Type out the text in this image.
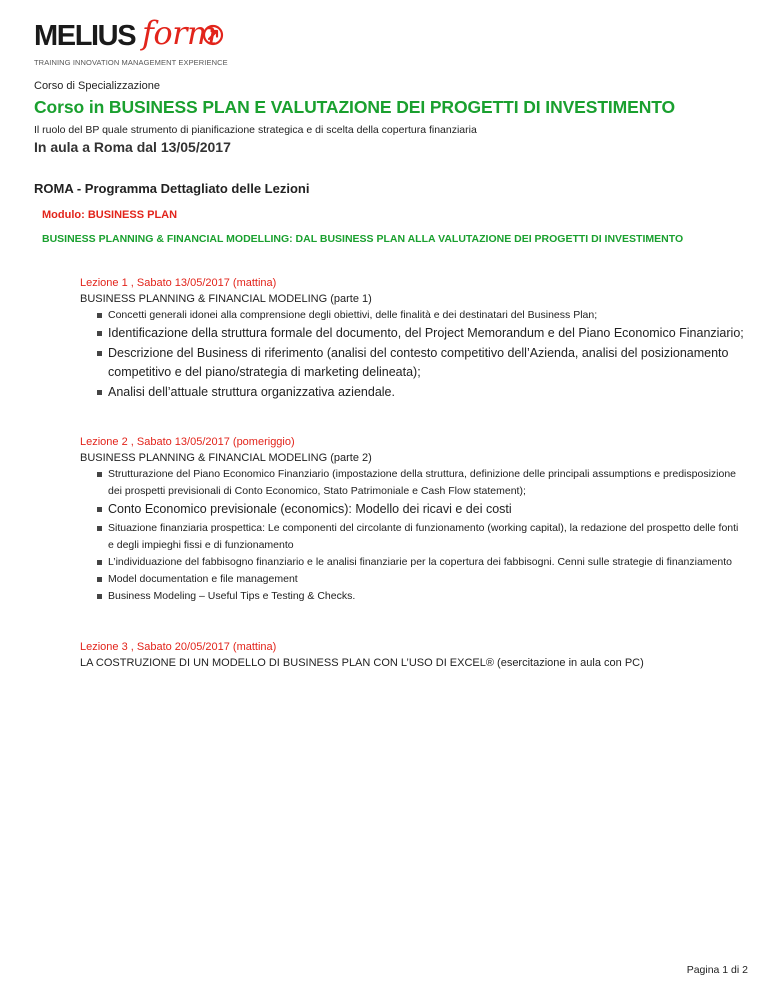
MELIUS form
TRAINING INNOVATION MANAGEMENT EXPERIENCE
Corso di Specializzazione
Corso in BUSINESS PLAN E VALUTAZIONE DEI PROGETTI DI INVESTIMENTO
Il ruolo del BP quale strumento di pianificazione strategica e di scelta della copertura finanziaria
In aula a Roma dal 13/05/2017
ROMA - Programma Dettagliato delle Lezioni
Modulo: BUSINESS PLAN
BUSINESS PLANNING & FINANCIAL MODELLING: DAL BUSINESS PLAN ALLA VALUTAZIONE DEI PROGETTI DI INVESTIMENTO
Lezione 1 , Sabato 13/05/2017 (mattina)
BUSINESS PLANNING & FINANCIAL MODELING (parte 1)
Concetti generali idonei alla comprensione degli obiettivi, delle finalità e dei destinatari del Business Plan;
Identificazione della struttura formale del documento, del Project Memorandum e del Piano Economico Finanziario;
Descrizione del Business di riferimento (analisi del contesto competitivo dell’Azienda, analisi del posizionamento competitivo e del piano/strategia di marketing delineata);
Analisi dell’attuale struttura organizzativa aziendale.
Lezione 2 , Sabato 13/05/2017 (pomeriggio)
BUSINESS PLANNING & FINANCIAL MODELING (parte 2)
Strutturazione del Piano Economico Finanziario (impostazione della struttura, definizione delle principali assumptions e predisposizione dei prospetti previsionali di Conto Economico, Stato Patrimoniale e Cash Flow statement);
Conto Economico previsionale (economics): Modello dei ricavi e dei costi
Situazione finanziaria prospettica: Le componenti del circolante di funzionamento (working capital), la redazione del prospetto delle fonti e degli impieghi fissi e di funzionamento
L’individuazione del fabbisogno finanziario e le analisi finanziarie per la copertura dei fabbisogni. Cenni sulle strategie di finanziamento
Model documentation e file management
Business Modeling – Useful Tips e Testing & Checks.
Lezione 3 , Sabato 20/05/2017 (mattina)
LA COSTRUZIONE DI UN MODELLO DI BUSINESS PLAN CON L’USO DI EXCEL® (esercitazione in aula con PC)
Pagina 1 di 2
